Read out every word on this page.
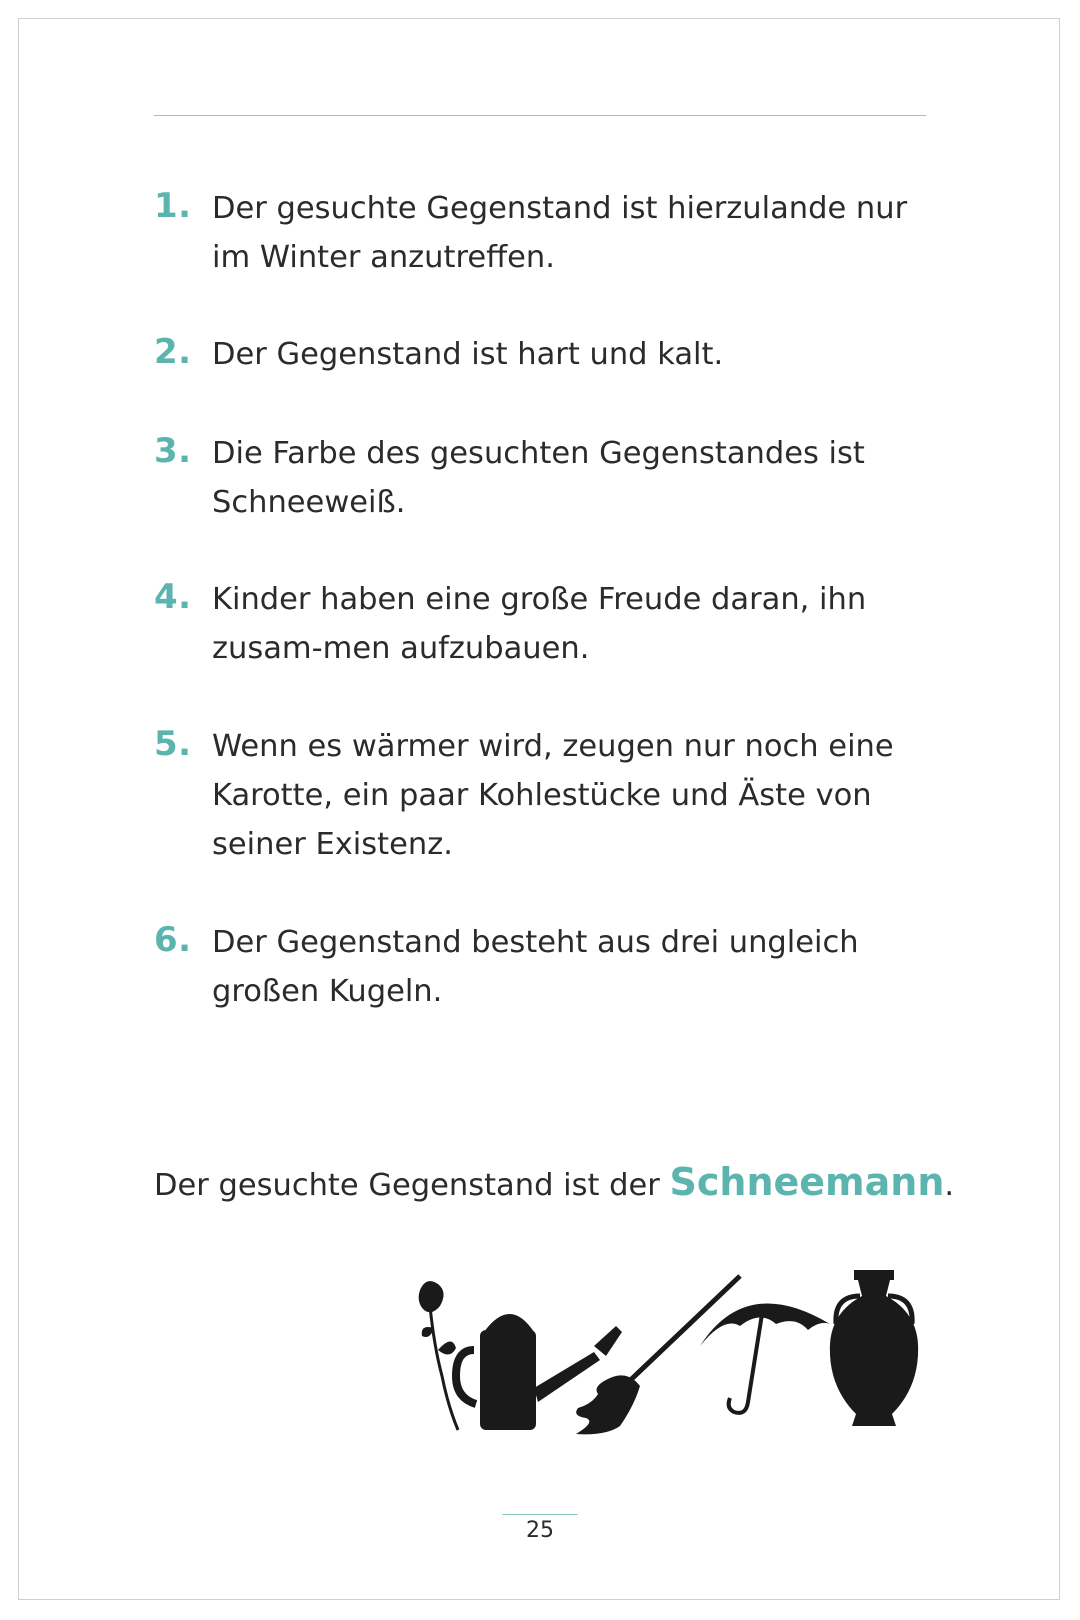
1. Der gesuchte Gegenstand ist hierzulande nur im Winter anzutreffen.
2. Der Gegenstand ist hart und kalt.
3. Die Farbe des gesuchten Gegenstandes ist Schneeweiß.
4. Kinder haben eine große Freude daran, ihn zusam-men aufzubauen.
5. Wenn es wärmer wird, zeugen nur noch eine Karotte, ein paar Kohlestücke und Äste von seiner Existenz.
6. Der Gegenstand besteht aus drei ungleich großen Kugeln.
Der gesuchte Gegenstand ist der Schneemann.
25
